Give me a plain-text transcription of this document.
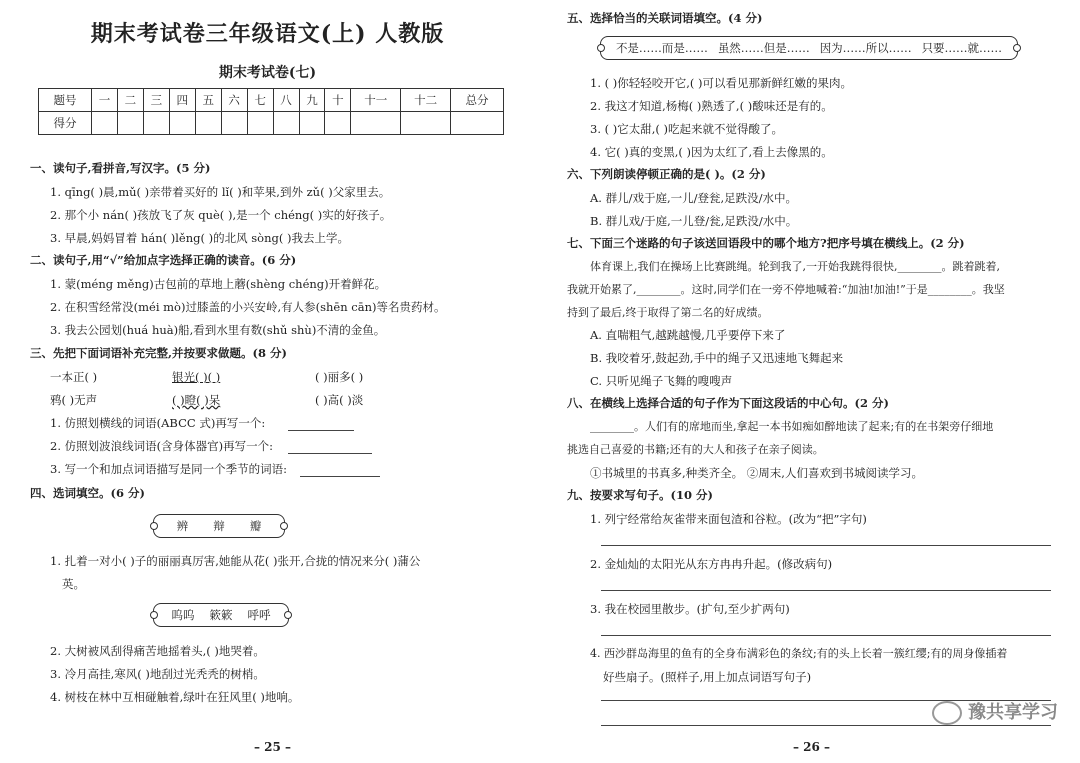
期末考试卷三年级语文(上) 人教版
期末考试卷(七)
题号	一	二	三	四	五	六	七	八	九	十	十一	十二	总分
得分													
一、读句子,看拼音,写汉字。(5 分)
1. qīng( )晨,mǔ( )亲带着买好的 lǐ( )和苹果,到外 zǔ( )父家里去。
2. 那个小 nán( )孩放飞了灰 què( ),是一个 chéng( )实的好孩子。
3. 早晨,妈妈冒着 hán( )lěng( )的北风 sòng( )我去上学。
二、读句子,用“√”给加点字选择正确的读音。(6 分)
1. 蒙(méng měng)古包前的草地上蘑(shèng chéng)开着鲜花。
2. 在积雪经常没(méi mò)过膝盖的小兴安岭,有人参(shēn cān)等名贵药材。
3. 我去公园划(huá huà)船,看到水里有数(shǔ shù)不清的金鱼。
三、先把下面词语补充完整,并按要求做题。(8 分)
一本正( )	银光( )( )	( )丽多( )
鸦( )无声	( )瞪( )呆	( )高( )淡
1. 仿照划横线的词语(ABCC 式)再写一个:
2. 仿照划波浪线词语(含身体器官)再写一个:
3. 写一个和加点词语描写是同一个季节的词语:
四、选词填空。(6 分)
辨 辩 瓣
1. 扎着一对小( )子的丽丽真厉害,她能从花( )张开,合拢的情况来分( )蒲公
英。
呜呜 簌簌 呼呼
2. 大树被风刮得痛苦地摇着头,( )地哭着。
3. 冷月高挂,寒风( )地刮过光秃秃的树梢。
4. 树枝在林中互相碰触着,绿叶在狂风里( )地响。
– 25 –
五、选择恰当的关联词语填空。(4 分)
不是……而是…… 虽然……但是…… 因为……所以…… 只要……就……
1. ( )你轻轻咬开它,( )可以看见那新鲜红嫩的果肉。
2. 我这才知道,杨梅( )熟透了,( )酸味还是有的。
3. ( )它太甜,( )吃起来就不觉得酸了。
4. 它( )真的变黑,( )因为太红了,看上去像黑的。
六、下列朗读停顿正确的是( )。(2 分)
A. 群儿/戏于庭,一儿/登瓮,足跌没/水中。
B. 群儿戏/于庭,一儿登/瓮,足跌没/水中。
七、下面三个迷路的句子该送回语段中的哪个地方?把序号填在横线上。(2 分)
体育课上,我们在操场上比赛跳绳。轮到我了,一开始我跳得很快,________。跳着跳着,
我就开始累了,________。这时,同学们在一旁不停地喊着:“加油!加油!”于是________。我坚
持到了最后,终于取得了第二名的好成绩。
A. 直喘粗气,越跳越慢,几乎要停下来了
B. 我咬着牙,鼓起劲,手中的绳子又迅速地飞舞起来
C. 只听见绳子飞舞的嗖嗖声
八、在横线上选择合适的句子作为下面这段话的中心句。(2 分)
________。人们有的席地而坐,拿起一本书如痴如醉地读了起来;有的在书架旁仔细地
挑选自己喜爱的书籍;还有的大人和孩子在亲子阅读。
①书城里的书真多,种类齐全。 ②周末,人们喜欢到书城阅读学习。
九、按要求写句子。(10 分)
1. 列宁经常给灰雀带来面包渣和谷粒。(改为“把”字句)
2. 金灿灿的太阳光从东方冉冉升起。(修改病句)
3. 我在校园里散步。(扩句,至少扩两句)
4. 西沙群岛海里的鱼有的全身布满彩色的条纹;有的头上长着一簇红缨;有的周身像插着
好些扇子。(照样子,用上加点词语写句子)
– 26 –
豫共享学习
